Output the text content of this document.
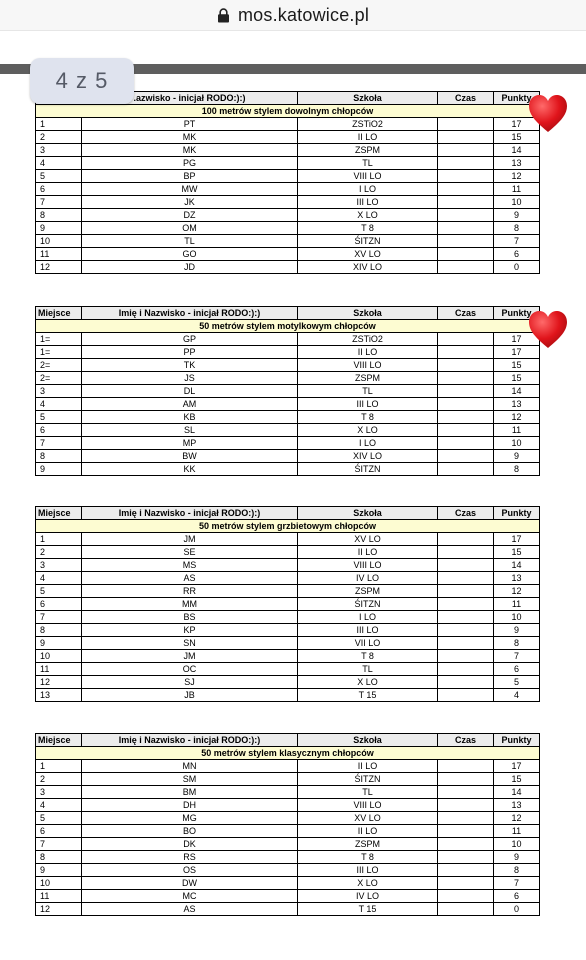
mos.katowice.pl
4 z 5
	.azwisko - inicjał RODO:):)	Szkoła	Czas	Punkty
100 metrów stylem dowolnym chłopców				
1	PT	ZSTiO2		17
2	MK	II LO		15
3	MK	ZSPM		14
4	PG	TL		13
5	BP	VIII LO		12
6	MW	I LO		11
7	JK	III LO		10
8	DZ	X LO		9
9	OM	T 8		8
10	TL	ŚITZN		7
11	GO	XV LO		6
12	JD	XIV LO		0
Miejsce	Imię i Nazwisko - inicjał RODO:):)	Szkoła	Czas	Punkty
50 metrów stylem motylkowym chłopców				
1=	GP	ZSTiO2		17
1=	PP	II LO		17
2=	TK	VIII LO		15
2=	JS	ZSPM		15
3	DL	TL		14
4	AM	III LO		13
5	KB	T 8		12
6	SL	X LO		11
7	MP	I LO		10
8	BW	XIV LO		9
9	KK	ŚITZN		8
Miejsce	Imię i Nazwisko - inicjał RODO:):)	Szkoła	Czas	Punkty
50 metrów stylem grzbietowym chłopców				
1	JM	XV LO		17
2	SE	II LO		15
3	MS	VIII LO		14
4	AS	IV LO		13
5	RR	ZSPM		12
6	MM	ŚITZN		11
7	BS	I LO		10
8	KP	III LO		9
9	SN	VII LO		8
10	JM	T 8		7
11	OC	TL		6
12	SJ	X LO		5
13	JB	T 15		4
Miejsce	Imię i Nazwisko - inicjał RODO:):)	Szkoła	Czas	Punkty
50 metrów stylem klasycznym chłopców				
1	MN	II LO		17
2	SM	ŚITZN		15
3	BM	TL		14
4	DH	VIII LO		13
5	MG	XV LO		12
6	BO	II LO		11
7	DK	ZSPM		10
8	RS	T 8		9
9	OS	III LO		8
10	DW	X LO		7
11	MC	IV LO		6
12	AS	T 15		0
